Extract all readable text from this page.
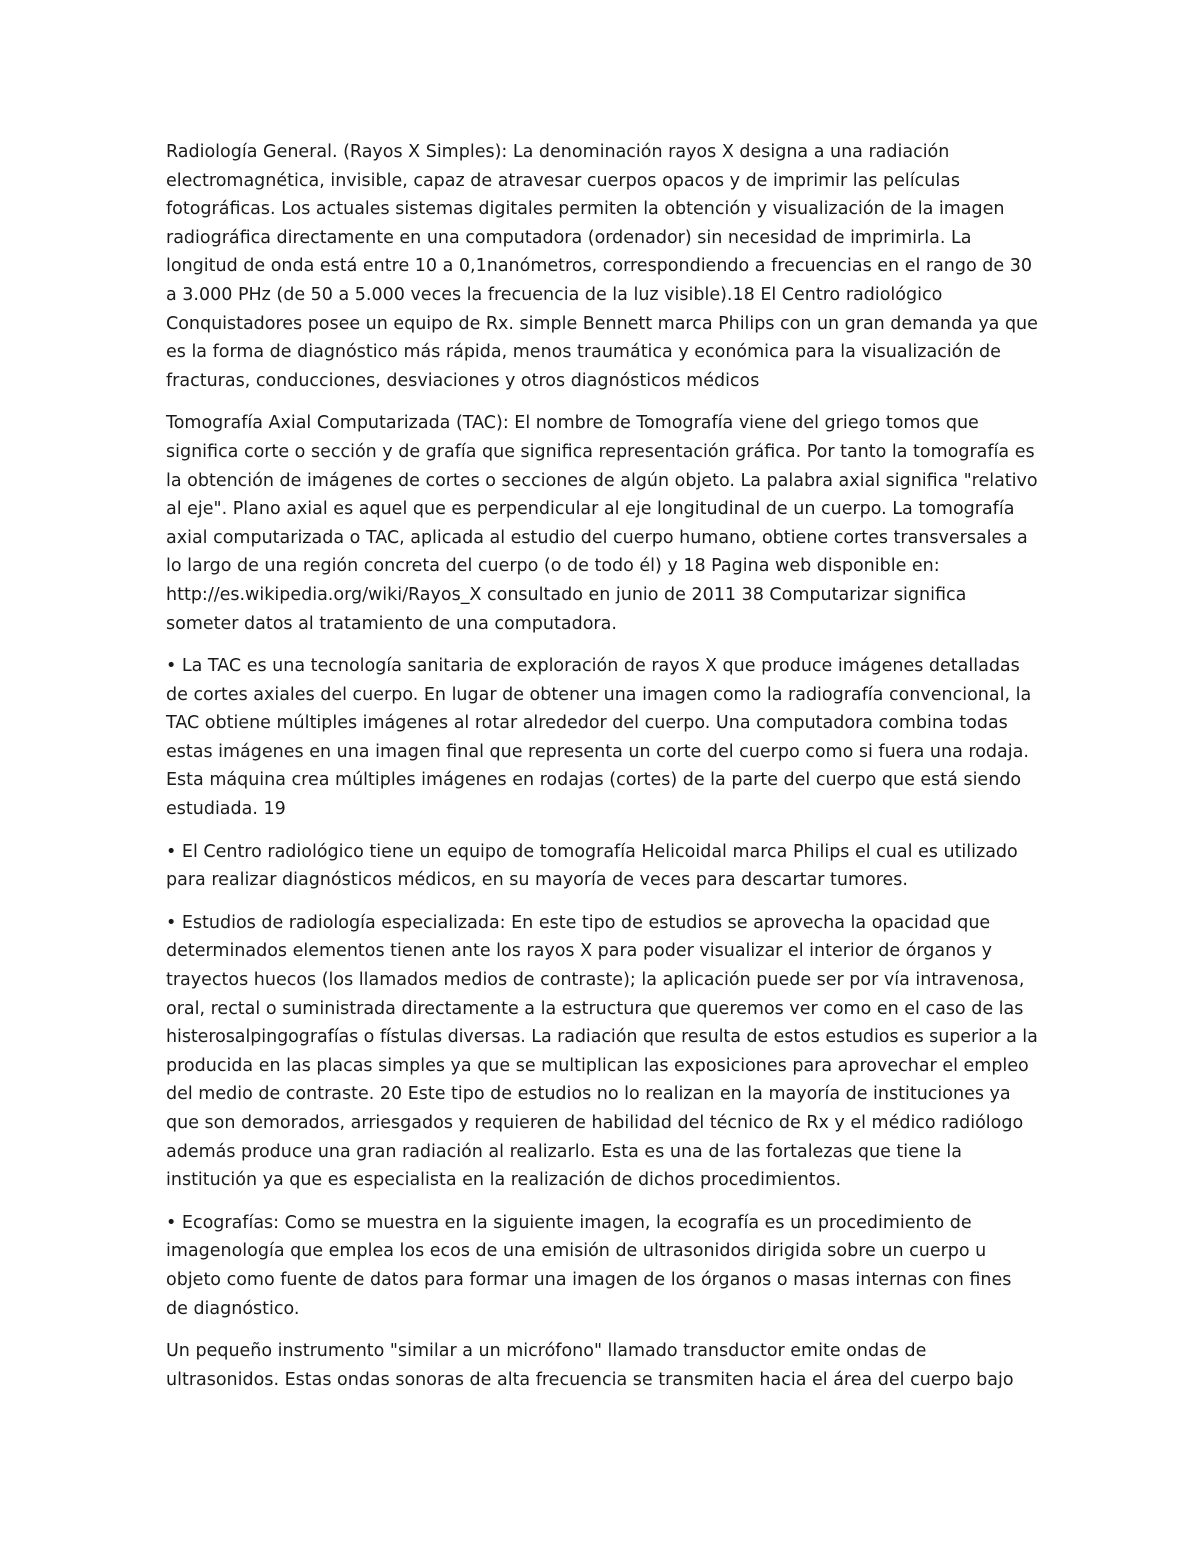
Radiología General. (Rayos X Simples): La denominación rayos X designa a una radiación
electromagnética, invisible, capaz de atravesar cuerpos opacos y de imprimir las películas
fotográficas. Los actuales sistemas digitales permiten la obtención y visualización de la imagen
radiográfica directamente en una computadora (ordenador) sin necesidad de imprimirla. La
longitud de onda está entre 10 a 0,1nanómetros, correspondiendo a frecuencias en el rango de 30
a 3.000 PHz (de 50 a 5.000 veces la frecuencia de la luz visible).18 El Centro radiológico
Conquistadores posee un equipo de Rx. simple Bennett marca Philips con un gran demanda ya que
es la forma de diagnóstico más rápida, menos traumática y económica para la visualización de
fracturas, conducciones, desviaciones y otros diagnósticos médicos

Tomografía Axial Computarizada (TAC): El nombre de Tomografía viene del griego tomos que
significa corte o sección y de grafía que significa representación gráfica. Por tanto la tomografía es
la obtención de imágenes de cortes o secciones de algún objeto. La palabra axial significa "relativo
al eje". Plano axial es aquel que es perpendicular al eje longitudinal de un cuerpo. La tomografía
axial computarizada o TAC, aplicada al estudio del cuerpo humano, obtiene cortes transversales a
lo largo de una región concreta del cuerpo (o de todo él) y 18 Pagina web disponible en:
http://es.wikipedia.org/wiki/Rayos_X consultado en junio de 2011 38 Computarizar significa
someter datos al tratamiento de una computadora.

• La TAC es una tecnología sanitaria de exploración de rayos X que produce imágenes detalladas
de cortes axiales del cuerpo. En lugar de obtener una imagen como la radiografía convencional, la
TAC obtiene múltiples imágenes al rotar alrededor del cuerpo. Una computadora combina todas
estas imágenes en una imagen final que representa un corte del cuerpo como si fuera una rodaja.
Esta máquina crea múltiples imágenes en rodajas (cortes) de la parte del cuerpo que está siendo
estudiada. 19

• El Centro radiológico tiene un equipo de tomografía Helicoidal marca Philips el cual es utilizado
para realizar diagnósticos médicos, en su mayoría de veces para descartar tumores.

• Estudios de radiología especializada: En este tipo de estudios se aprovecha la opacidad que
determinados elementos tienen ante los rayos X para poder visualizar el interior de órganos y
trayectos huecos (los llamados medios de contraste); la aplicación puede ser por vía intravenosa,
oral, rectal o suministrada directamente a la estructura que queremos ver como en el caso de las
histerosalpingografías o fístulas diversas. La radiación que resulta de estos estudios es superior a la
producida en las placas simples ya que se multiplican las exposiciones para aprovechar el empleo
del medio de contraste. 20 Este tipo de estudios no lo realizan en la mayoría de instituciones ya
que son demorados, arriesgados y requieren de habilidad del técnico de Rx y el médico radiólogo
además produce una gran radiación al realizarlo. Esta es una de las fortalezas que tiene la
institución ya que es especialista en la realización de dichos procedimientos.

• Ecografías: Como se muestra en la siguiente imagen, la ecografía es un procedimiento de
imagenología que emplea los ecos de una emisión de ultrasonidos dirigida sobre un cuerpo u
objeto como fuente de datos para formar una imagen de los órganos o masas internas con fines
de diagnóstico.

Un pequeño instrumento "similar a un micrófono" llamado transductor emite ondas de
ultrasonidos. Estas ondas sonoras de alta frecuencia se transmiten hacia el área del cuerpo bajo
